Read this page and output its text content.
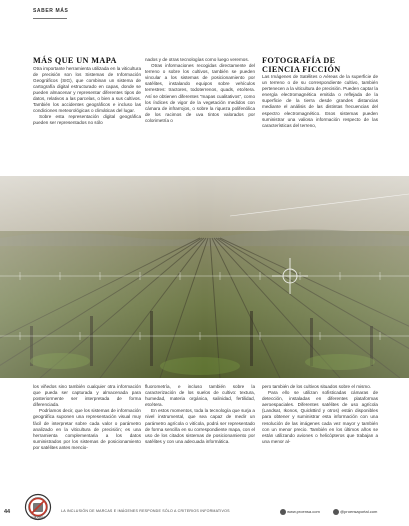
SABER MÁS
MÁS QUE UN MAPA

Otra importante herramienta utilizada en la viticultura de precisión son los Sistemas de Información Geográficos (SIG), que combinan un sistema de cartografía digital estructurado en capas, donde se pueden almacenar y representar diferentes tipos de datos, relativos a las parcelas, o bien a sus cultivos. También los accidentes geográficos e incluso las condiciones meteorológicas o climáticas del lugar.

Sobre esta representación digital geográfica pueden ser representados no sólo

nados y de otras tecnologías como luego veremos.

Otras informaciones recogidas directamente del terreno o sobre los cultivos, también se pueden vincular a los sistemas de posicionamiento por satélites, instalando equipos sobre vehículos terrestres: tractores, todoterrenos, quads, etcétera. Así se obtienen diferentes "mapas cualitativos", como los índices de vigor de la vegetación medidos con cámara de infrarrojos, o sobre la riqueza polifenólica de los racimos de uva tintos valorados por colorimetría o

FOTOGRAFÍA DE
CIENCIA FICCIÓN

Las Imágenes de Satélites o Aéreas de la superficie de un terreno o de su correspondiente cultivo, también pertenecen a la viticultura de precisión. Pueden captar la energía electromagnética emitida o reflejada de la superficie de la tierra desde grandes distancias mediante el análisis de las distintas frecuencias del espectro electromagnético. Esos sistemas pueden suministrar una valiosa información respecto de las características del terreno,

los viñedos sino también cualquier otra información que pueda ser capturada y almacenada para posteriormente ser interpretada de forma diferenciada.

Podríamos decir, que los sistemas de información geográfica suponen una representación visual muy fácil de interpretar sobre cada valor o parámetro analizado en la viticultura de precisión; es una herramienta complementaria a los datos suministrados por los sistemas de posicionamiento por satélites antes mencio-

fluorometría, e incluso también sobre la caracterización de los suelos de cultivo: textura, humedad, materia orgánica, salinidad, fertilidad, etcétera.

En estos momentos, toda la tecnología que surja a nivel instrumental, que sea capaz de medir un parámetro agrícola o vitícola, podrá ser representado de forma sencilla en su correspondiente mapa, con el uso de los citados sistemas de posicionamiento por satélites y con una adecuada informática.

pero también de los cultivos situados sobre el mismo.

Para ello se utilizan sofisticadas cámaras de detección, instaladas en diferentes plataformas aeroespaciales. Diferentes satélites de uso agrícola (Landsat, Ikonos, QuickBird y otros) están disponibles para obtener y suministrar esta información con una resolución de las imágenes cada vez mayor y también con un menor precio. También en los últimos años se están utilizando aviones o helicópteros que trabajan a una menor al-

44
PUBLICIDAD
LA INCLUSIÓN DE MARCAS E IMÁGENES RESPONDE SÓLO A CRITERIOS INFORMATIVOS	www.proensa.com	@proensaportal.com
